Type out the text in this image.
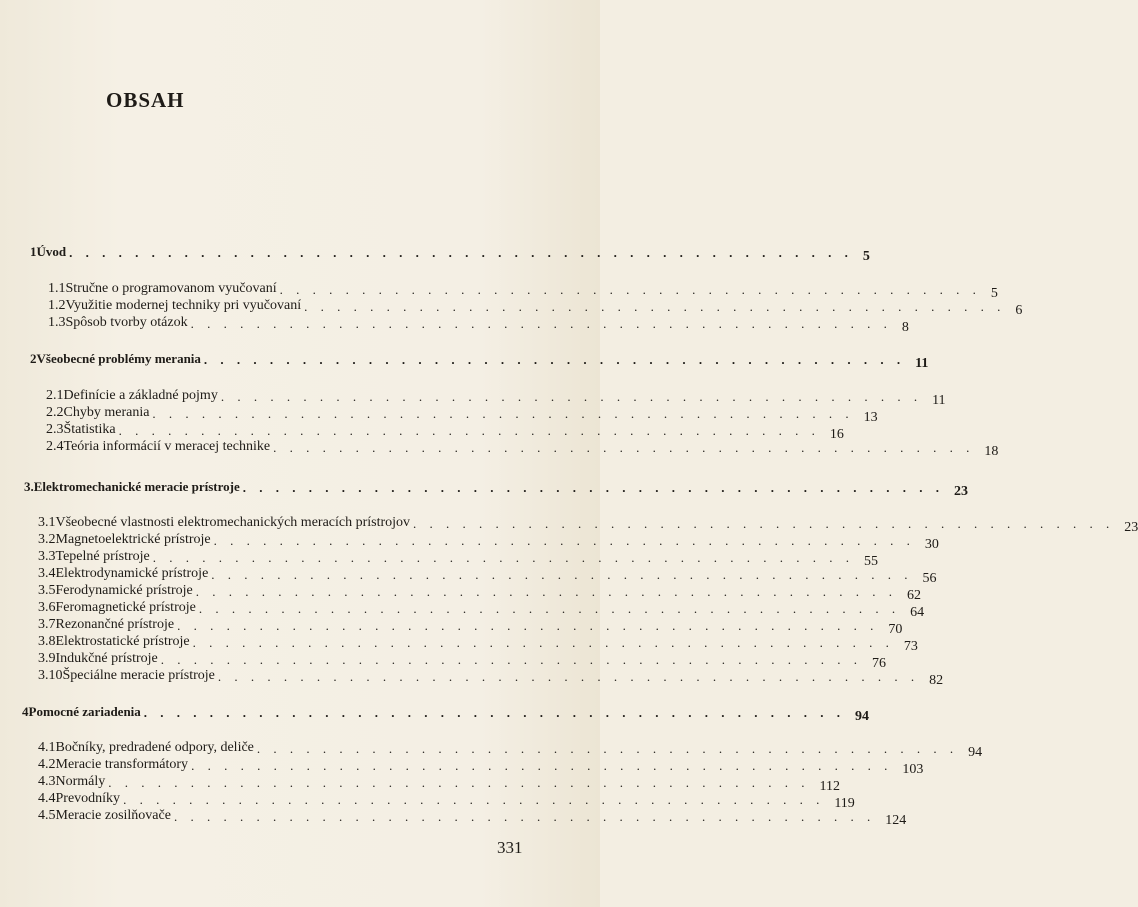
OBSAH
1 Úvod . . . . . . . . . . . . . . . . . . . . . . . . . . . . . . . . . . . . . . . . . . . . . . . . 5
1.1 Stručne o programovanom vyučovaní . . . . . . . . . . . . . . . . . . . . . . . . . . . . . . . . . . . . . . . . . . . 5
1.2 Využitie modernej techniky pri vyučovaní . . . . . . . . . . . . . . . . . . . . . . . . . . . . . . . . . . . . . . . . . . . 6
1.3 Spôsob tvorby otázok . . . . . . . . . . . . . . . . . . . . . . . . . . . . . . . . . . . . . . . . . . . 8
2 Všeobecné problémy merania . . . . . . . . . . . . . . . . . . . . . . . . . . . . . . . . . . . . . . . . . . . 11
2.1 Definície a základné pojmy . . . . . . . . . . . . . . . . . . . . . . . . . . . . . . . . . . . . . . . . . . . 11
2.2 Chyby merania . . . . . . . . . . . . . . . . . . . . . . . . . . . . . . . . . . . . . . . . . . . 13
2.3 Štatistika . . . . . . . . . . . . . . . . . . . . . . . . . . . . . . . . . . . . . . . . . . . 16
2.4 Teória informácií v meracej technike . . . . . . . . . . . . . . . . . . . . . . . . . . . . . . . . . . . . . . . . . . . 18
3. Elektromechanické meracie prístroje . . . . . . . . . . . . . . . . . . . . . . . . . . . . . . . . . . . . . . . . . . . 23
3.1 Všeobecné vlastnosti elektromechanických meracích prístrojov . . . . . . . . . . . . . . . . . . . . . . . . . . . . . . . . . . . . . . . . . . . 23
3.2 Magnetoelektrické prístroje . . . . . . . . . . . . . . . . . . . . . . . . . . . . . . . . . . . . . . . . . . . 30
3.3 Tepelné prístroje . . . . . . . . . . . . . . . . . . . . . . . . . . . . . . . . . . . . . . . . . . . 55
3.4 Elektrodynamické prístroje . . . . . . . . . . . . . . . . . . . . . . . . . . . . . . . . . . . . . . . . . . . 56
3.5 Ferodynamické prístroje . . . . . . . . . . . . . . . . . . . . . . . . . . . . . . . . . . . . . . . . . . . 62
3.6 Feromagnetické prístroje . . . . . . . . . . . . . . . . . . . . . . . . . . . . . . . . . . . . . . . . . . . 64
3.7 Rezonančné prístroje . . . . . . . . . . . . . . . . . . . . . . . . . . . . . . . . . . . . . . . . . . . 70
3.8 Elektrostatické prístroje . . . . . . . . . . . . . . . . . . . . . . . . . . . . . . . . . . . . . . . . . . . 73
3.9 Indukčné prístroje . . . . . . . . . . . . . . . . . . . . . . . . . . . . . . . . . . . . . . . . . . . 76
3.10 Špeciálne meracie prístroje . . . . . . . . . . . . . . . . . . . . . . . . . . . . . . . . . . . . . . . . . . . 82
4 Pomocné zariadenia . . . . . . . . . . . . . . . . . . . . . . . . . . . . . . . . . . . . . . . . . . . 94
4.1 Bočníky, predradené odpory, deliče . . . . . . . . . . . . . . . . . . . . . . . . . . . . . . . . . . . . . . . . . . . 94
4.2 Meracie transformátory . . . . . . . . . . . . . . . . . . . . . . . . . . . . . . . . . . . . . . . . . . . 103
4.3 Normály . . . . . . . . . . . . . . . . . . . . . . . . . . . . . . . . . . . . . . . . . . . 112
4.4 Prevodníky . . . . . . . . . . . . . . . . . . . . . . . . . . . . . . . . . . . . . . . . . . . 119
4.5 Meracie zosilňovače . . . . . . . . . . . . . . . . . . . . . . . . . . . . . . . . . . . . . . . . . . . 124
331
